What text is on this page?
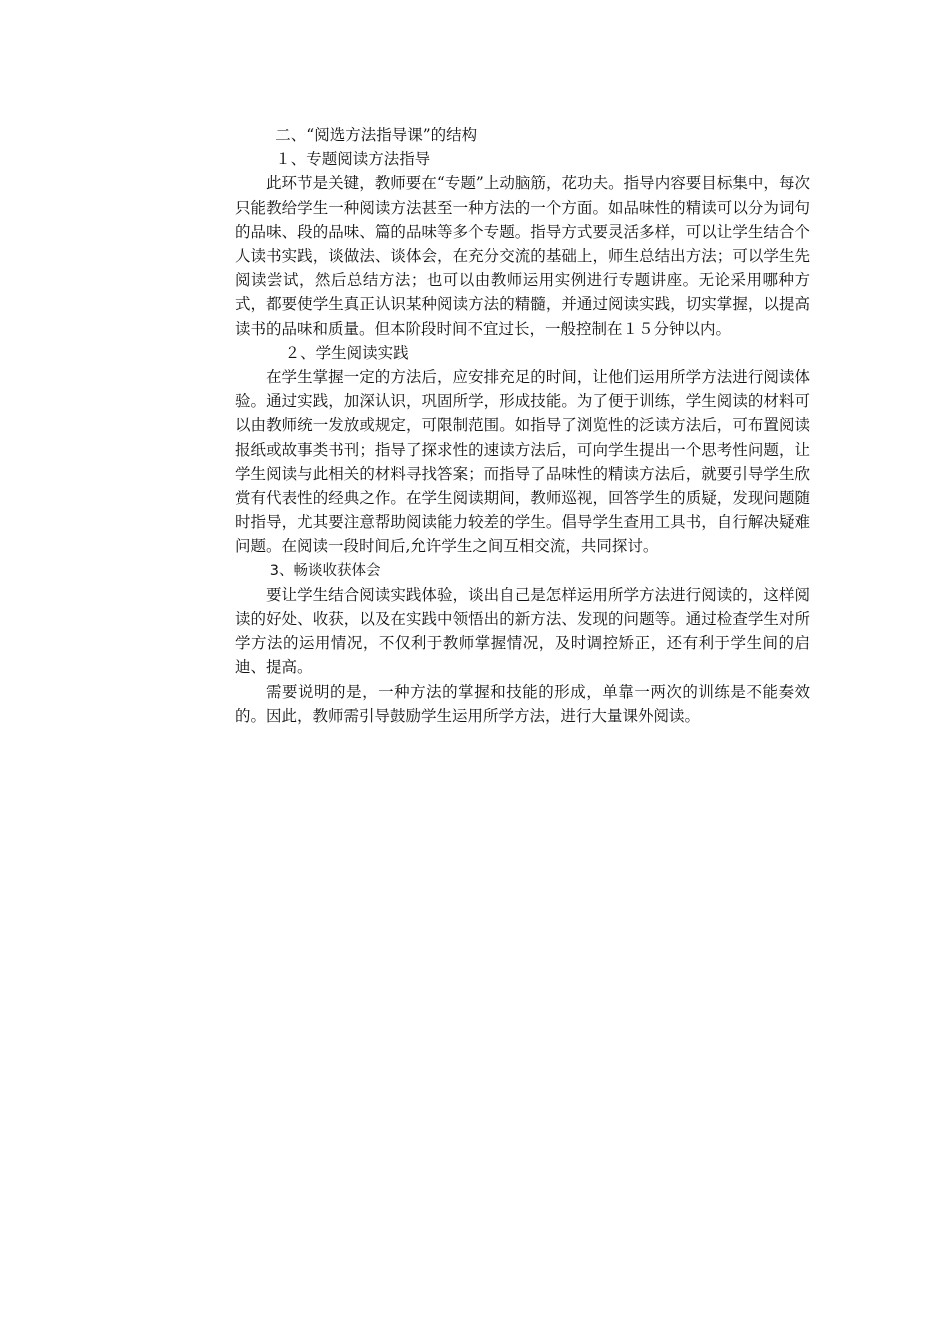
二、“阅选方法指导课”的结构

１、专题阅读方法指导

此环节是关键，教师要在“专题”上动脑筋，花功夫。指导内容要目标集中，每次只能教给学生一种阅读方法甚至一种方法的一个方面。如品味性的精读可以分为词句的品味、段的品味、篇的品味等多个专题。指导方式要灵活多样，可以让学生结合个人读书实践，谈做法、谈体会，在充分交流的基础上，师生总结出方法；可以学生先阅读尝试，然后总结方法；也可以由教师运用实例进行专题讲座。无论采用哪种方式，都要使学生真正认识某种阅读方法的精髓，并通过阅读实践，切实掌握，以提高读书的品味和质量。但本阶段时间不宜过长，一般控制在１５分钟以内。

２、学生阅读实践

在学生掌握一定的方法后，应安排充足的时间，让他们运用所学方法进行阅读体验。通过实践，加深认识，巩固所学，形成技能。为了便于训练，学生阅读的材料可以由教师统一发放或规定，可限制范围。如指导了浏览性的泛读方法后，可布置阅读报纸或故事类书刊；指导了探求性的速读方法后，可向学生提出一个思考性问题，让学生阅读与此相关的材料寻找答案；而指导了品味性的精读方法后，就要引导学生欣赏有代表性的经典之作。在学生阅读期间，教师巡视，回答学生的质疑，发现问题随时指导，尤其要注意帮助阅读能力较差的学生。倡导学生查用工具书，自行解决疑难问题。在阅读一段时间后,允许学生之间互相交流，共同探讨。

3、畅谈收获体会

要让学生结合阅读实践体验，谈出自己是怎样运用所学方法进行阅读的，这样阅读的好处、收获，以及在实践中领悟出的新方法、发现的问题等。通过检查学生对所学方法的运用情况，不仅利于教师掌握情况，及时调控矫正，还有利于学生间的启迪、提高。

需要说明的是，一种方法的掌握和技能的形成，单靠一两次的训练是不能奏效的。因此，教师需引导鼓励学生运用所学方法，进行大量课外阅读。
